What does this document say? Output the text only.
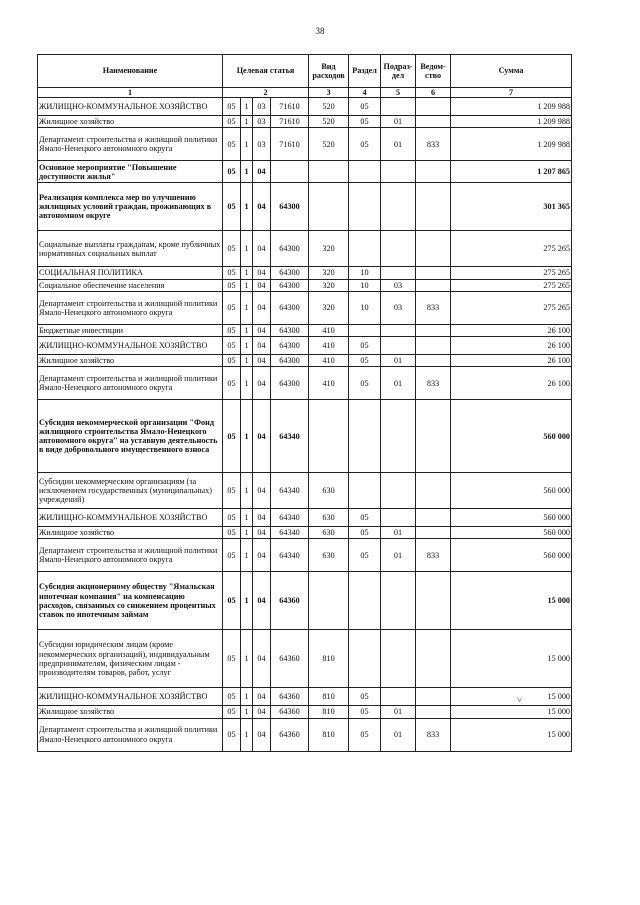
38
Наименование	Целевая статья				Вид расходов	Раздел	Подраз-дел	Ведом-ство	Сумма
1	2				3	4	5	6	7
ЖИЛИЩНО-КОММУНАЛЬНОЕ ХОЗЯЙСТВО	05	1	03	71610	520	05			1 209 988
Жилищное хозяйство	05	1	03	71610	520	05	01		1 209 988
Департамент строительства и жилищной политики Ямало-Ненецкого автономного округа	05	1	03	71610	520	05	01	833	1 209 988
Основное мероприятие "Повышение доступности жилья"	05	1	04						1 207 865
Реализация комплекса мер по улучшению жилищных условий граждан, проживающих в автономном округе	05	1	04	64300					301 365
Социальные выплаты гражданам, кроме публичных нормативных социальных выплат	05	1	04	64300	320				275 265
СОЦИАЛЬНАЯ ПОЛИТИКА	05	1	04	64300	320	10			275 265
Социальное обеспечение населения	05	1	04	64300	320	10	03		275 265
Департамент строительства и жилищной политики Ямало-Ненецкого автономного округа	05	1	04	64300	320	10	03	833	275 265
Бюджетные инвестиции	05	1	04	64300	410				26 100
ЖИЛИЩНО-КОММУНАЛЬНОЕ ХОЗЯЙСТВО	05	1	04	64300	410	05			26 100
Жилищное хозяйство	05	1	04	64300	410	05	01		26 100
Департамент строительства и жилищной политики Ямало-Ненецкого автономного округа	05	1	04	64300	410	05	01	833	26 100
Субсидия некоммерческой организации "Фонд жилищного строительства Ямало-Ненецкого автономного округа" на уставную деятельность в виде добровольного имущественного взноса	05	1	04	64340					560 000
Субсидии некоммерческим организациям (за исключением государственных (муниципальных) учреждений)	05	1	04	64340	630				560 000
ЖИЛИЩНО-КОММУНАЛЬНОЕ ХОЗЯЙСТВО	05	1	04	64340	630	05			560 000
Жилищное хозяйство	05	1	04	64340	630	05	01		560 000
Департамент строительства и жилищной политики Ямало-Ненецкого автономного округа	05	1	04	64340	630	05	01	833	560 000
Субсидия акционерному обществу "Ямальская ипотечная компания" на компенсацию расходов, связанных со снижением процентных ставок по ипотечным займам	05	1	04	64360					15 000
Субсидии юридическим лицам (кроме некоммерческих организаций), индивидуальным предпринимателям, физическим лицам - производителям товаров, работ, услуг	05	1	04	64360	810				15 000
ЖИЛИЩНО-КОММУНАЛЬНОЕ ХОЗЯЙСТВО	05	1	04	64360	810	05			15 000
Жилищное хозяйство	05	1	04	64360	810	05	01		15 000
Департамент строительства и жилищной политики Ямало-Ненецкого автономного округа	05	1	04	64360	810	05	01	833	15 000
˅
